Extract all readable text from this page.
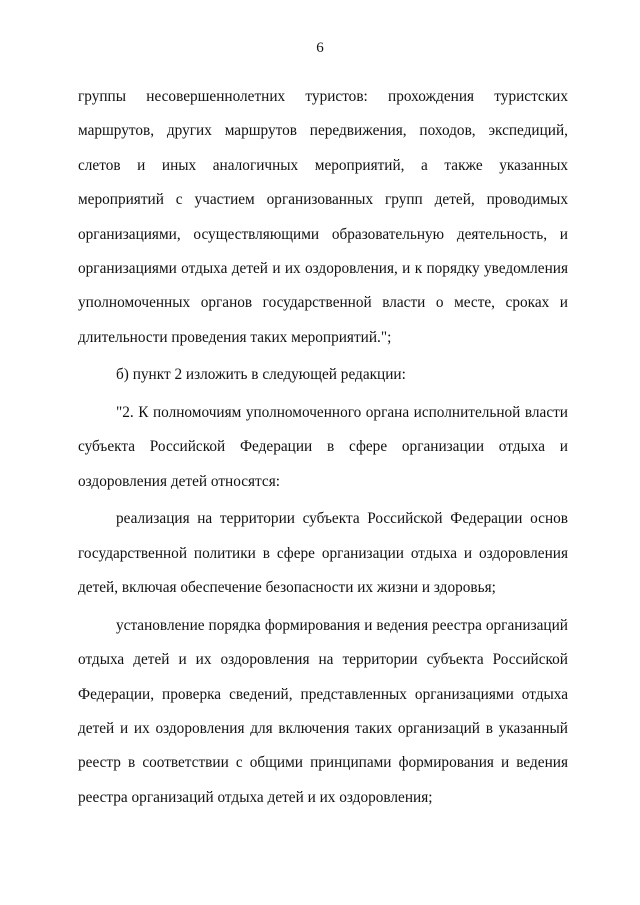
6

группы несовершеннолетних туристов: прохождения туристских маршрутов, других маршрутов передвижения, походов, экспедиций, слетов и иных аналогичных мероприятий, а также указанных мероприятий с участием организованных групп детей, проводимых организациями, осуществляющими образовательную деятельность, и организациями отдыха детей и их оздоровления, и к порядку уведомления уполномоченных органов государственной власти о месте, сроках и длительности проведения таких мероприятий.";

б) пункт 2 изложить в следующей редакции:

"2. К полномочиям уполномоченного органа исполнительной власти субъекта Российской Федерации в сфере организации отдыха и оздоровления детей относятся:

реализация на территории субъекта Российской Федерации основ государственной политики в сфере организации отдыха и оздоровления детей, включая обеспечение безопасности их жизни и здоровья;

установление порядка формирования и ведения реестра организаций отдыха детей и их оздоровления на территории субъекта Российской Федерации, проверка сведений, представленных организациями отдыха детей и их оздоровления для включения таких организаций в указанный реестр в соответствии с общими принципами формирования и ведения реестра организаций отдыха детей и их оздоровления;
